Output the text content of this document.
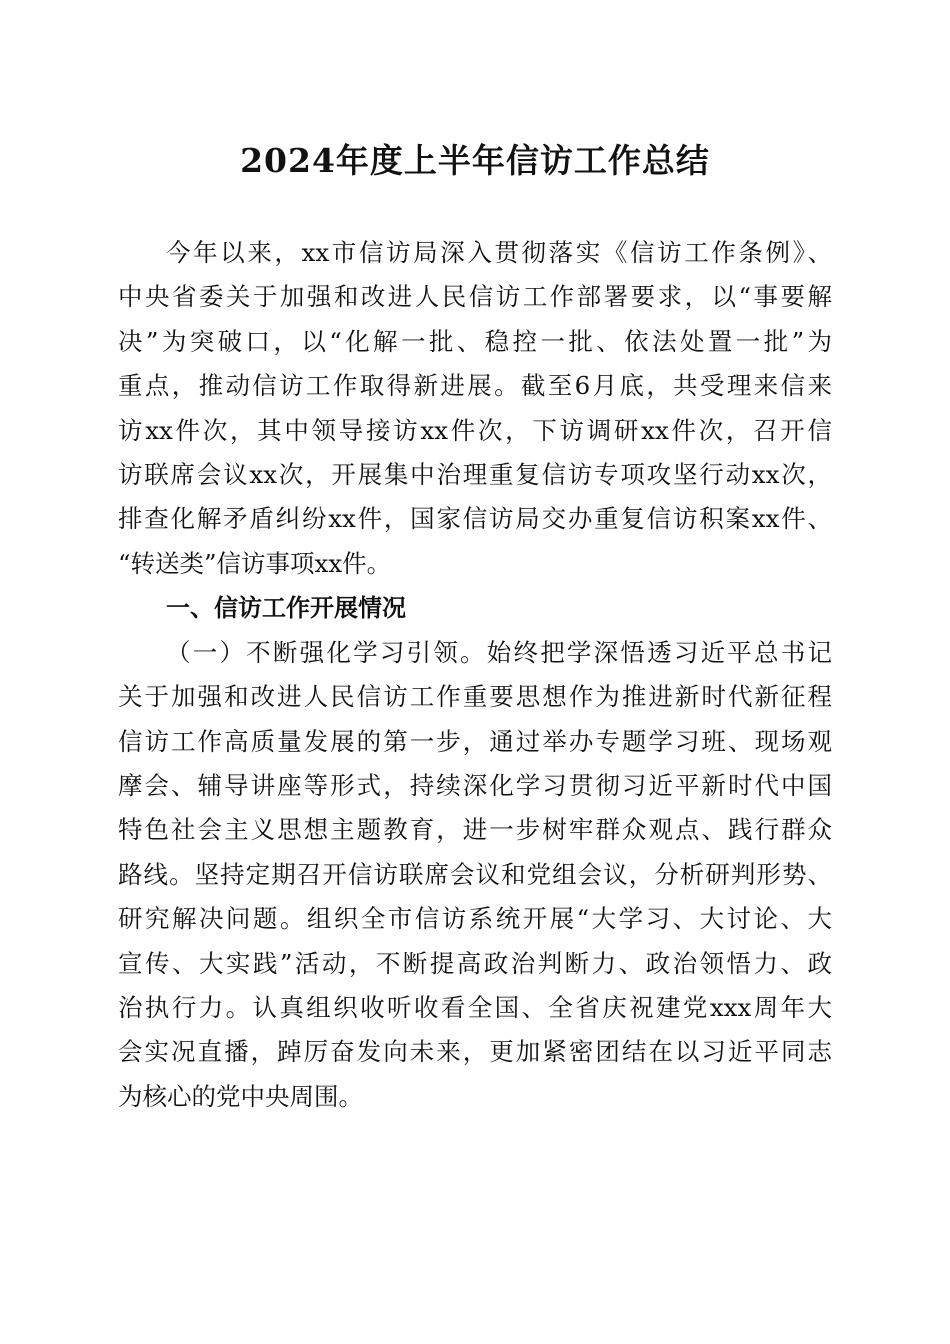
2024年度上半年信访工作总结
今年以来，xx市信访局深入贯彻落实《信访工作条例》、
中央省委关于加强和改进人民信访工作部署要求，以“事要解
决”为突破口，以“化解一批、稳控一批、依法处置一批”为
重点，推动信访工作取得新进展。截至6月底，共受理来信来
访xx件次，其中领导接访xx件次，下访调研xx件次，召开信
访联席会议xx次，开展集中治理重复信访专项攻坚行动xx次，
排查化解矛盾纠纷xx件，国家信访局交办重复信访积案xx件、
“转送类”信访事项xx件。
一、信访工作开展情况
（一）不断强化学习引领。始终把学深悟透习近平总书记
关于加强和改进人民信访工作重要思想作为推进新时代新征程
信访工作高质量发展的第一步，通过举办专题学习班、现场观
摩会、辅导讲座等形式，持续深化学习贯彻习近平新时代中国
特色社会主义思想主题教育，进一步树牢群众观点、践行群众
路线。坚持定期召开信访联席会议和党组会议，分析研判形势、
研究解决问题。组织全市信访系统开展“大学习、大讨论、大
宣传、大实践”活动，不断提高政治判断力、政治领悟力、政
治执行力。认真组织收听收看全国、全省庆祝建党xxx周年大
会实况直播，踔厉奋发向未来，更加紧密团结在以习近平同志
为核心的党中央周围。
